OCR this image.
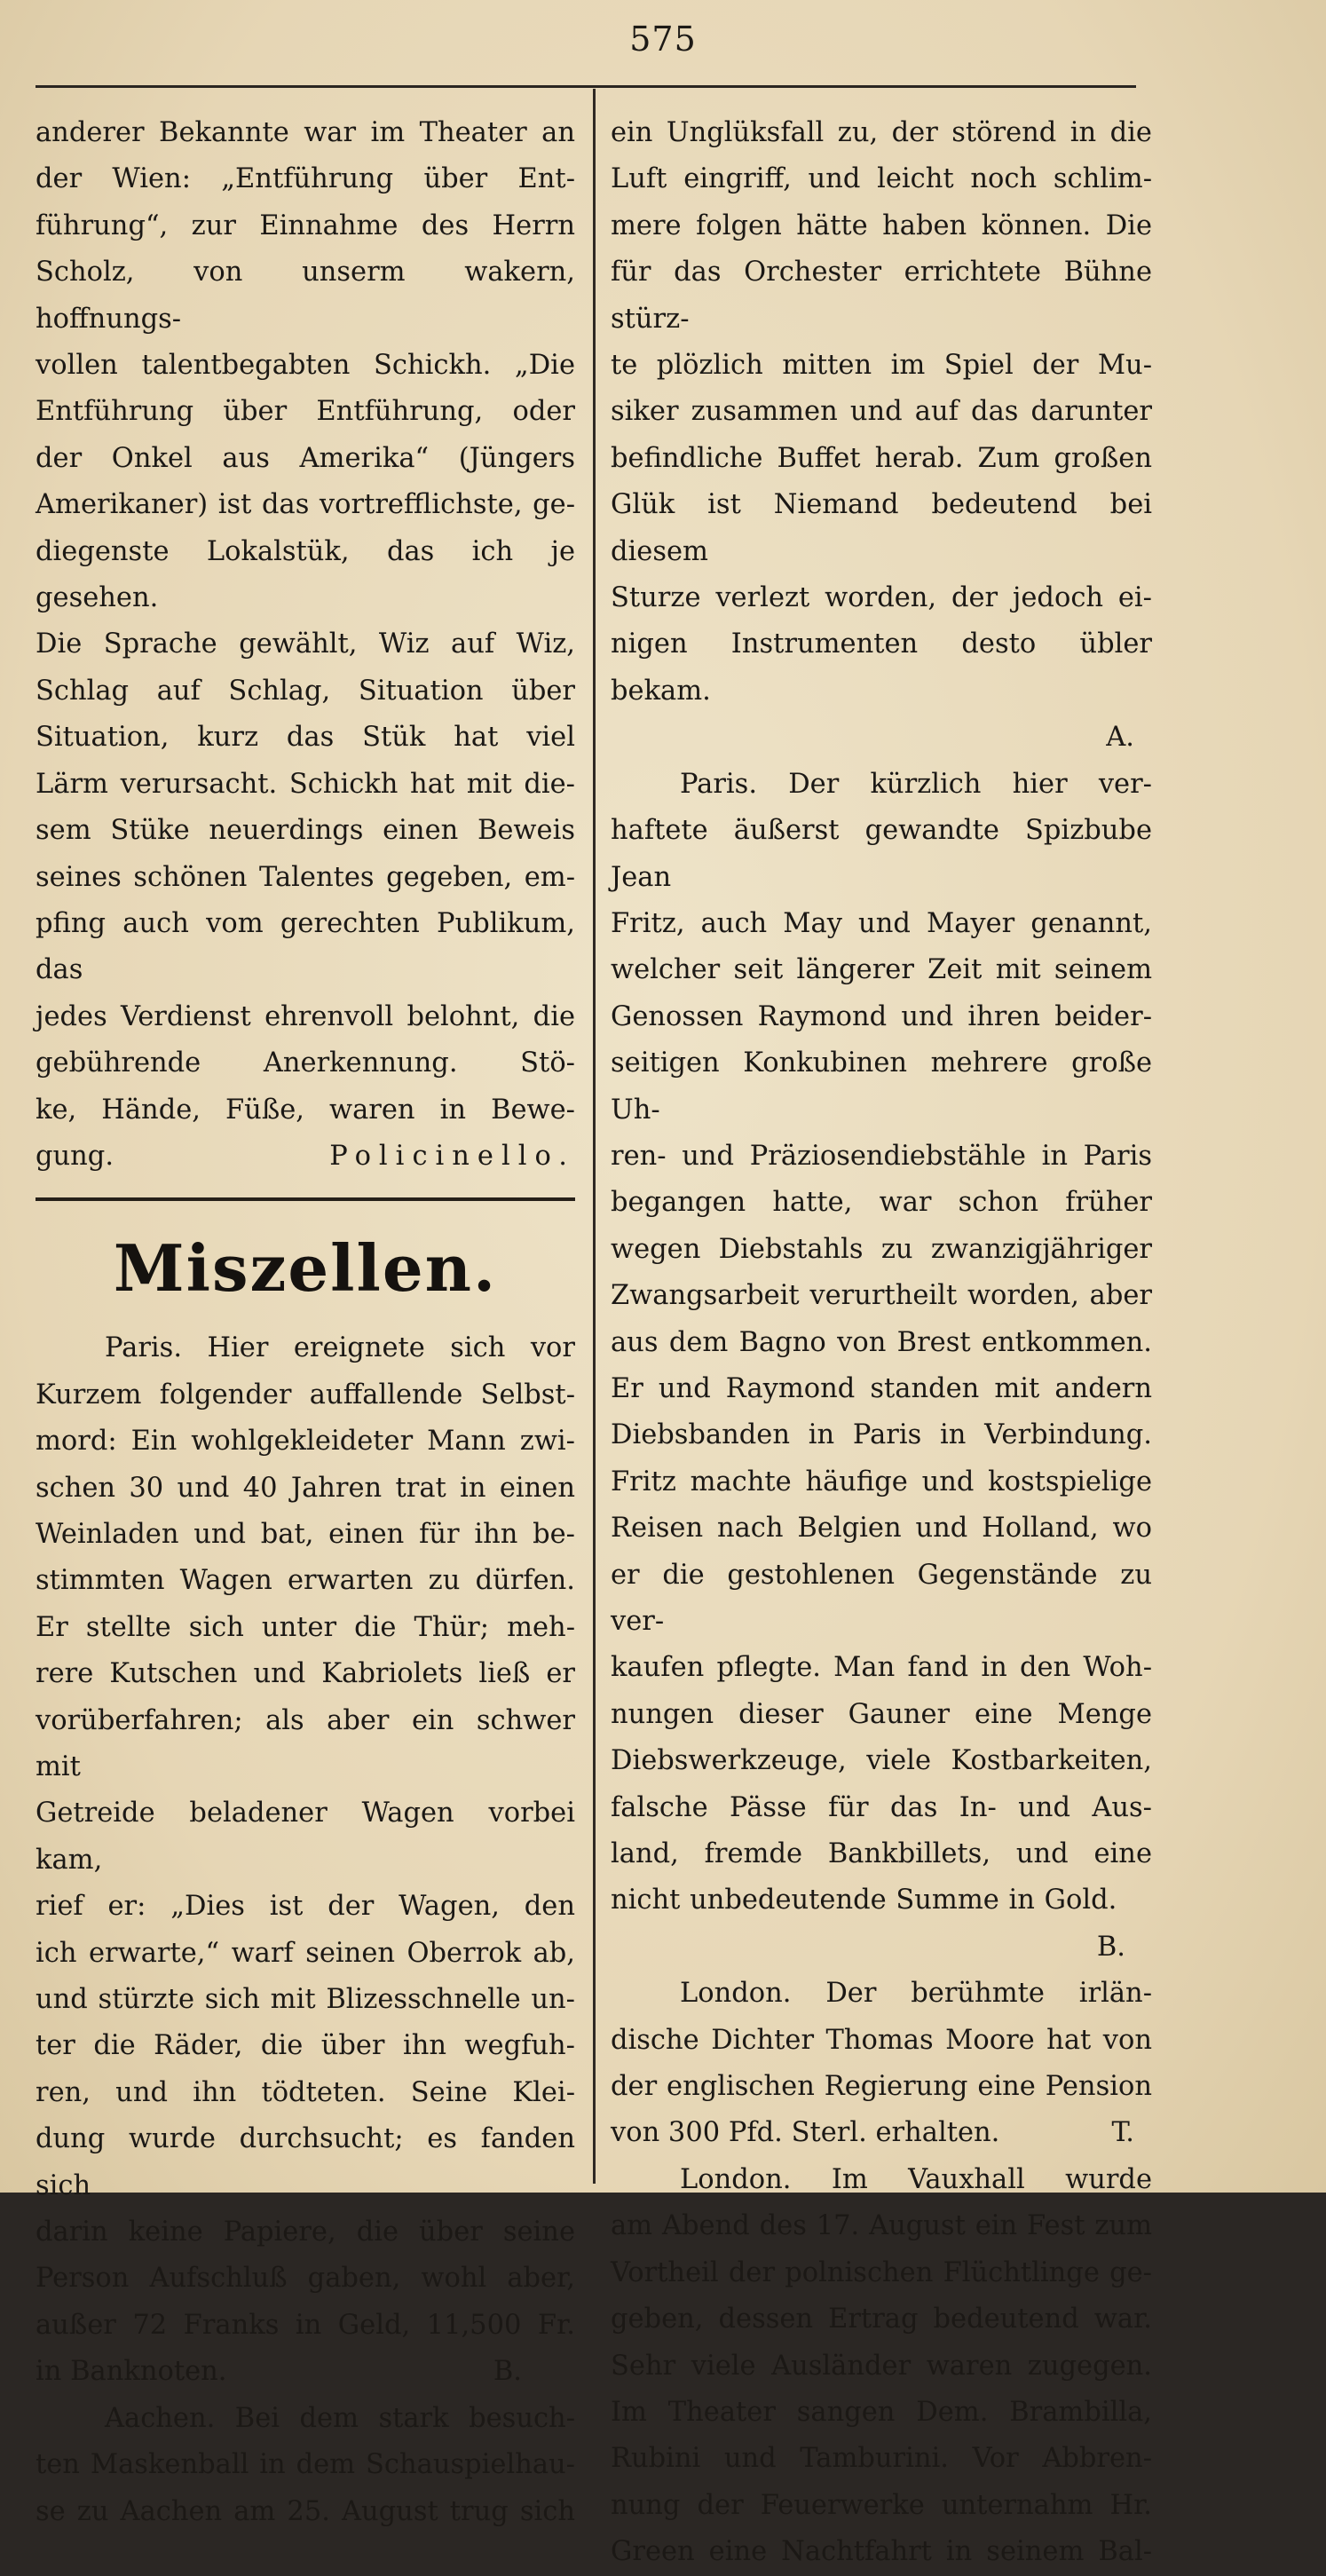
575

anderer Bekannte war im Theater an

der Wien: „Entführung über Ent-

führung“, zur Einnahme des Herrn

Scholz, von unserm wakern, hoffnungs-

vollen talentbegabten Schickh. „Die

Entführung über Entführung, oder

der Onkel aus Amerika“ (Jüngers

Amerikaner) ist das vortrefflichste, ge-

diegenste Lokalstük, das ich je gesehen.

Die Sprache gewählt, Wiz auf Wiz,

Schlag auf Schlag, Situation über

Situation, kurz das Stük hat viel

Lärm verursacht. Schickh hat mit die-

sem Stüke neuerdings einen Beweis

seines schönen Talentes gegeben, em-

pfing auch vom gerechten Publikum, das

jedes Verdienst ehrenvoll belohnt, die

gebührende Anerkennung. Stö-

ke, Hände, Füße, waren in Bewe-

gung.	Policinello.
Miszellen.

Paris. Hier ereignete sich vor

Kurzem folgender auffallende Selbst-

mord: Ein wohlgekleideter Mann zwi-

schen 30 und 40 Jahren trat in einen

Weinladen und bat, einen für ihn be-

stimmten Wagen erwarten zu dürfen.

Er stellte sich unter die Thür; meh-

rere Kutschen und Kabriolets ließ er

vorüberfahren; als aber ein schwer mit

Getreide beladener Wagen vorbei kam,

rief er: „Dies ist der Wagen, den

ich erwarte,“ warf seinen Oberrok ab,

und stürzte sich mit Blizesschnelle un-

ter die Räder, die über ihn wegfuh-

ren, und ihn tödteten. Seine Klei-

dung wurde durchsucht; es fanden sich

darin keine Papiere, die über seine

Person Aufschluß gaben, wohl aber,

außer 72 Franks in Geld, 11,500 Fr.

in Banknoten.	B.

Aachen. Bei dem stark besuch-

ten Maskenball in dem Schauspielhau-

se zu Aachen am 25. August trug sich

ein Unglüksfall zu, der störend in die

Luft eingriff, und leicht noch schlim-

mere folgen hätte haben können. Die

für das Orchester errichtete Bühne stürz-

te plözlich mitten im Spiel der Mu-

siker zusammen und auf das darunter

befindliche Buffet herab. Zum großen

Glük ist Niemand bedeutend bei diesem

Sturze verlezt worden, der jedoch ei-

nigen Instrumenten desto übler bekam.

A.

Paris. Der kürzlich hier ver-

haftete äußerst gewandte Spizbube Jean

Fritz, auch May und Mayer genannt,

welcher seit längerer Zeit mit seinem

Genossen Raymond und ihren beider-

seitigen Konkubinen mehrere große Uh-

ren- und Präziosendiebstähle in Paris

begangen hatte, war schon früher

wegen Diebstahls zu zwanzigjähriger

Zwangsarbeit verurtheilt worden, aber

aus dem Bagno von Brest entkommen.

Er und Raymond standen mit andern

Diebsbanden in Paris in Verbindung.

Fritz machte häufige und kostspielige

Reisen nach Belgien und Holland, wo

er die gestohlenen Gegenstände zu ver-

kaufen pflegte. Man fand in den Woh-

nungen dieser Gauner eine Menge

Diebswerkzeuge, viele Kostbarkeiten,

falsche Pässe für das In- und Aus-

land, fremde Bankbillets, und eine

nicht unbedeutende Summe in Gold.

B.

London. Der berühmte irlän-

dische Dichter Thomas Moore hat von

der englischen Regierung eine Pension

von 300 Pfd. Sterl. erhalten.	T.

London. Im Vauxhall wurde

am Abend des 17. August ein Fest zum

Vortheil der polnischen Flüchtlinge ge-

geben, dessen Ertrag bedeutend war.

Sehr viele Ausländer waren zugegen.

Im Theater sangen Dem. Brambilla,

Rubini und Tamburini. Vor Abbren-

nung der Feuerwerke unternahm Hr.

Green eine Nachtfahrt in seinem Bal-
